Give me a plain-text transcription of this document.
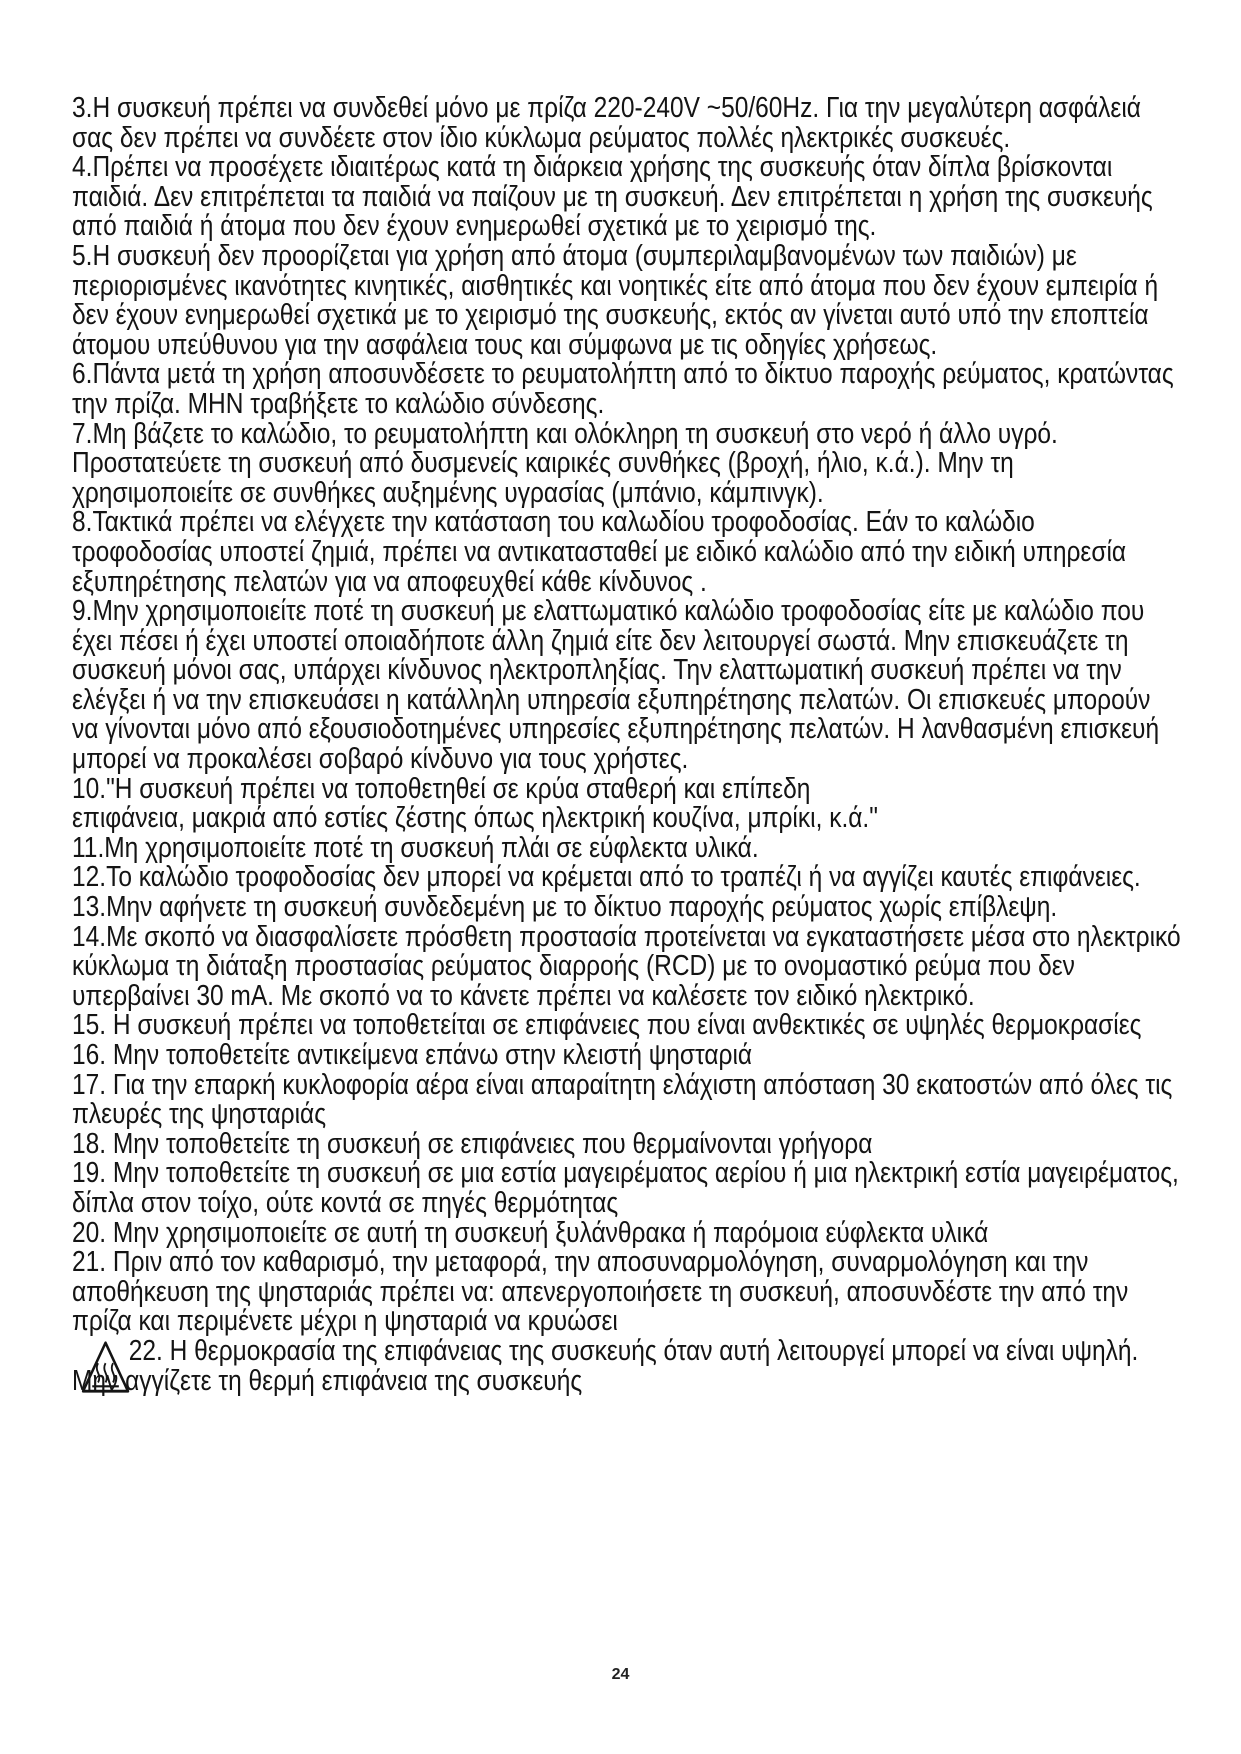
3.Η συσκευή πρέπει να συνδεθεί μόνο με πρίζα 220-240V ~50/60Hz. Για την μεγαλύτερη ασφάλειά σας δεν πρέπει να συνδέετε στον ίδιο κύκλωμα ρεύματος πολλές ηλεκτρικές συσκευές.

4.Πρέπει να προσέχετε ιδιαιτέρως κατά τη διάρκεια χρήσης της συσκευής όταν δίπλα βρίσκονται παιδιά. Δεν επιτρέπεται τα παιδιά να παίζουν με τη συσκευή. Δεν επιτρέπεται η χρήση της συσκευής από παιδιά ή άτομα που δεν έχουν ενημερωθεί σχετικά με το χειρισμό της.

5.Η συσκευή δεν προορίζεται για χρήση από άτομα (συμπεριλαμβανομένων των παιδιών) με περιορισμένες ικανότητες κινητικές, αισθητικές και νοητικές είτε από άτομα που δεν έχουν εμπειρία ή δεν έχουν ενημερωθεί σχετικά με το χειρισμό της συσκευής, εκτός αν γίνεται αυτό υπό την εποπτεία άτομου υπεύθυνου για την ασφάλεια τους και σύμφωνα με τις οδηγίες χρήσεως.

6.Πάντα μετά τη χρήση αποσυνδέσετε το ρευματολήπτη από το δίκτυο παροχής ρεύματος, κρατώντας την πρίζα. ΜΗΝ τραβήξετε το καλώδιο σύνδεσης.

7.Μη βάζετε το καλώδιο, το ρευματολήπτη και ολόκληρη τη συσκευή στο νερό ή άλλο υγρό. Προστατεύετε τη συσκευή από δυσμενείς καιρικές συνθήκες (βροχή, ήλιο, κ.ά.). Μην τη χρησιμοποιείτε σε συνθήκες αυξημένης υγρασίας (μπάνιο, κάμπινγκ).

8.Τακτικά πρέπει να ελέγχετε την κατάσταση του καλωδίου τροφοδοσίας. Εάν το καλώδιο τροφοδοσίας υποστεί ζημιά, πρέπει να αντικατασταθεί με ειδικό καλώδιο από την ειδική υπηρεσία εξυπηρέτησης πελατών για να αποφευχθεί κάθε κίνδυνος .

9.Μην χρησιμοποιείτε ποτέ τη συσκευή με ελαττωματικό καλώδιο τροφοδοσίας είτε με καλώδιο που έχει πέσει ή έχει υποστεί οποιαδήποτε άλλη ζημιά είτε δεν λειτουργεί σωστά. Μην επισκευάζετε τη συσκευή μόνοι σας, υπάρχει κίνδυνος ηλεκτροπληξίας. Την ελαττωματική συσκευή πρέπει να την ελέγξει ή να την επισκευάσει η κατάλληλη υπηρεσία εξυπηρέτησης πελατών. Οι επισκευές μπορούν να γίνονται μόνο από εξουσιοδοτημένες υπηρεσίες εξυπηρέτησης πελατών. Η λανθασμένη επισκευή μπορεί να προκαλέσει σοβαρό κίνδυνο για τους χρήστες.

10."Η συσκευή πρέπει να τοποθετηθεί σε κρύα σταθερή και επίπεδη

επιφάνεια, μακριά από εστίες ζέστης όπως ηλεκτρική κουζίνα, μπρίκι, κ.ά."

11.Μη χρησιμοποιείτε ποτέ τη συσκευή πλάι σε εύφλεκτα υλικά.

12.Το καλώδιο τροφοδοσίας δεν μπορεί να κρέμεται από το τραπέζι ή να αγγίζει καυτές επιφάνειες.

13.Μην αφήνετε τη συσκευή συνδεδεμένη με το δίκτυο παροχής ρεύματος χωρίς επίβλεψη.

14.Με σκοπό να διασφαλίσετε πρόσθετη προστασία προτείνεται να εγκαταστήσετε μέσα στο ηλεκτρικό κύκλωμα τη διάταξη προστασίας ρεύματος διαρροής (RCD) με το ονομαστικό ρεύμα που δεν υπερβαίνει 30 mA. Με σκοπό να το κάνετε πρέπει να καλέσετε τον ειδικό ηλεκτρικό.

15. Η συσκευή πρέπει να τοποθετείται σε επιφάνειες που είναι ανθεκτικές σε υψηλές θερμοκρασίες

16. Μην τοποθετείτε αντικείμενα επάνω στην κλειστή ψησταριά

17. Για την επαρκή κυκλοφορία αέρα είναι απαραίτητη ελάχιστη απόσταση 30 εκατοστών από όλες τις πλευρές της ψησταριάς

18. Μην τοποθετείτε τη συσκευή σε επιφάνειες που θερμαίνονται γρήγορα

19. Μην τοποθετείτε τη συσκευή σε μια εστία μαγειρέματος αερίου ή μια ηλεκτρική εστία μαγειρέματος, δίπλα στον τοίχο, ούτε κοντά σε πηγές θερμότητας

20. Μην χρησιμοποιείτε σε αυτή τη συσκευή ξυλάνθρακα ή παρόμοια εύφλεκτα υλικά

21. Πριν από τον καθαρισμό, την μεταφορά, την αποσυναρμολόγηση, συναρμολόγηση και την αποθήκευση της ψησταριάς πρέπει να: απενεργοποιήσετε τη συσκευή, αποσυνδέστε την από την πρίζα και περιμένετε μέχρι η ψησταριά να κρυώσει

22. Η θερμοκρασία της επιφάνειας της συσκευής όταν αυτή λειτουργεί μπορεί να είναι υψηλή. Μην αγγίζετε τη θερμή επιφάνεια της συσκευής

24
